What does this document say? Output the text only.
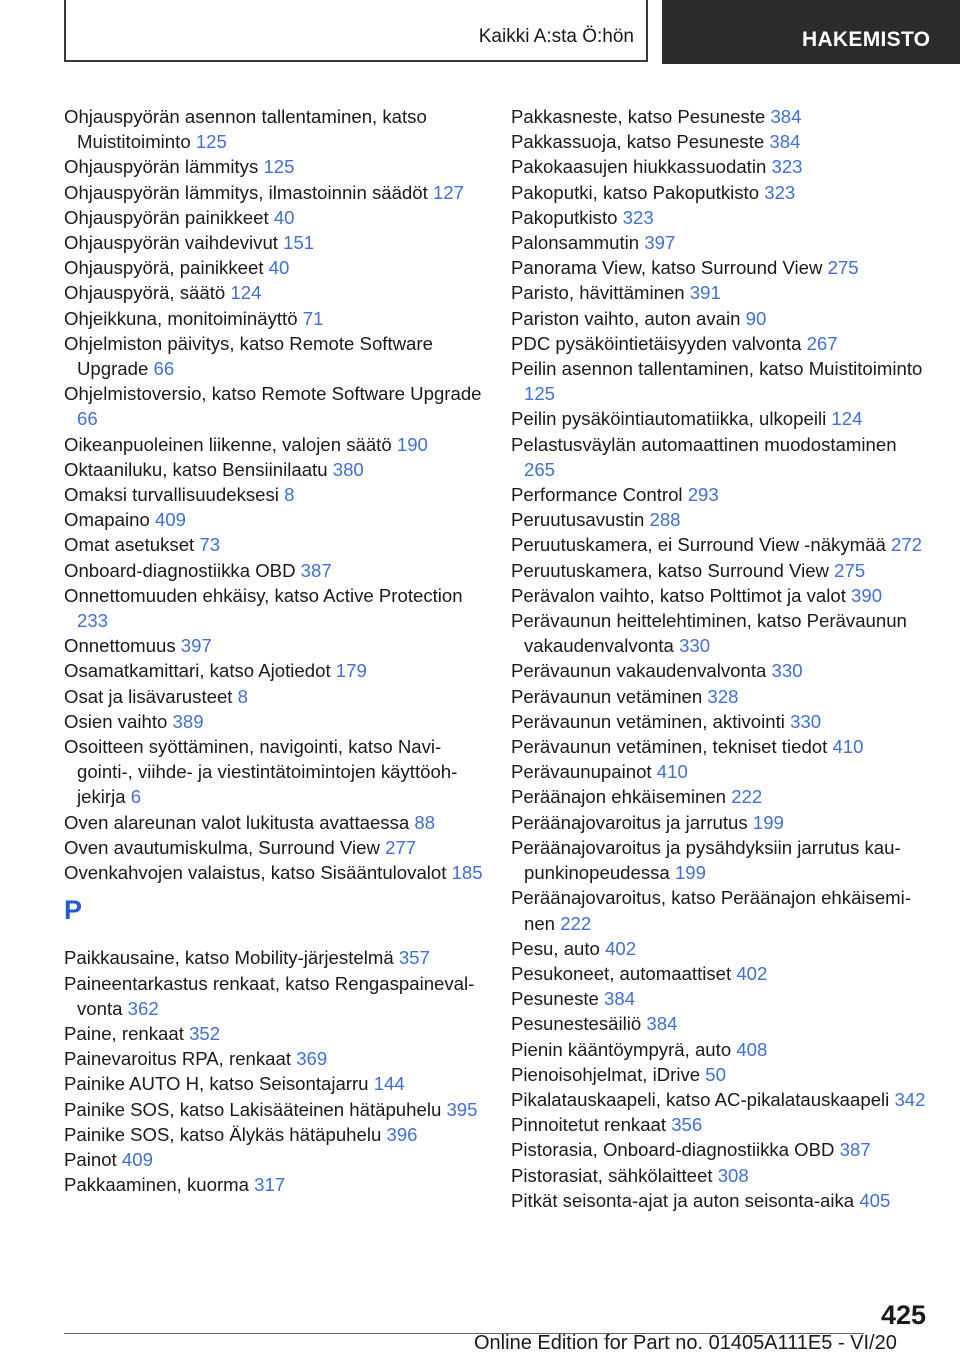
Kaikki A:sta Ö:hön	HAKEMISTO
Ohjauspyörän asennon tallentaminen, katso Muistitoiminto 125
Ohjauspyörän lämmitys 125
Ohjauspyörän lämmitys, ilmastoinnin säädöt 127
Ohjauspyörän painikkeet 40
Ohjauspyörän vaihdevivut 151
Ohjauspyörä, painikkeet 40
Ohjauspyörä, säätö 124
Ohjeikkuna, monitoiminäyttö 71
Ohjelmiston päivitys, katso Remote Software Upgrade 66
Ohjelmistoversio, katso Remote Software Upgrade 66
Oikeanpuoleinen liikenne, valojen säätö 190
Oktaaniluku, katso Bensiinilaatu 380
Omaksi turvallisuudeksesi 8
Omapaino 409
Omat asetukset 73
Onboard-diagnostiikka OBD 387
Onnettomuuden ehkäisy, katso Active Protection 233
Onnettomuus 397
Osamatkamittari, katso Ajotiedot 179
Osat ja lisävarusteet 8
Osien vaihto 389
Osoitteen syöttäminen, navigointi, katso Navigointi-, viihde- ja viestintätoimintojen käyttöohjekirja 6
Oven alareunan valot lukitusta avattaessa 88
Oven avautumiskulma, Surround View 277
Ovenkahvojen valaistus, katso Sisääntulovalot 185
P
Paikkausaine, katso Mobility-järjestelmä 357
Paineentarkastus renkaat, katso Rengaspainevalvonta 362
Paine, renkaat 352
Painevaroitus RPA, renkaat 369
Painike AUTO H, katso Seisontajarru 144
Painike SOS, katso Lakisääteinen hätäpuhelu 395
Painike SOS, katso Älykäs hätäpuhelu 396
Painot 409
Pakkaaminen, kuorma 317
Pakkasneste, katso Pesuneste 384
Pakkassuoja, katso Pesuneste 384
Pakokaasujen hiukkassuodatin 323
Pakoputki, katso Pakoputkisto 323
Pakoputkisto 323
Palonsammutin 397
Panorama View, katso Surround View 275
Paristo, hävittäminen 391
Pariston vaihto, auton avain 90
PDC pysäköintietäisyyden valvonta 267
Peilin asennon tallentaminen, katso Muistitoiminto 125
Peilin pysäköintiautomatiikka, ulkopeili 124
Pelastusväylän automaattinen muodostaminen 265
Performance Control 293
Peruutusavustin 288
Peruutuskamera, ei Surround View -näkymää 272
Peruutuskamera, katso Surround View 275
Perävalon vaihto, katso Polttimot ja valot 390
Perävaunun heittelehtiminen, katso Perävaunun vakaudenvalvonta 330
Perävaunun vakaudenvalvonta 330
Perävaunun vetäminen 328
Perävaunun vetäminen, aktivointi 330
Perävaunun vetäminen, tekniset tiedot 410
Perävaunupainot 410
Peräänajon ehkäiseminen 222
Peräänajovaroitus ja jarrutus 199
Peräänajovaroitus ja pysähdyksiin jarrutus kaupunkinopeudessa 199
Peräänajovaroitus, katso Peräänajon ehkäiseminen 222
Pesu, auto 402
Pesukoneet, automaattiset 402
Pesuneste 384
Pesunestesäiliö 384
Pienin kääntöympyrä, auto 408
Pienoisohjelmat, iDrive 50
Pikalatauskaapeli, katso AC-pikalatauskaapeli 342
Pinnoitetut renkaat 356
Pistorasia, Onboard-diagnostiikka OBD 387
Pistorasiat, sähkölaitteet 308
Pitkät seisonta-ajat ja auton seisonta-aika 405
425
Online Edition for Part no. 01405A111E5 - VI/20
